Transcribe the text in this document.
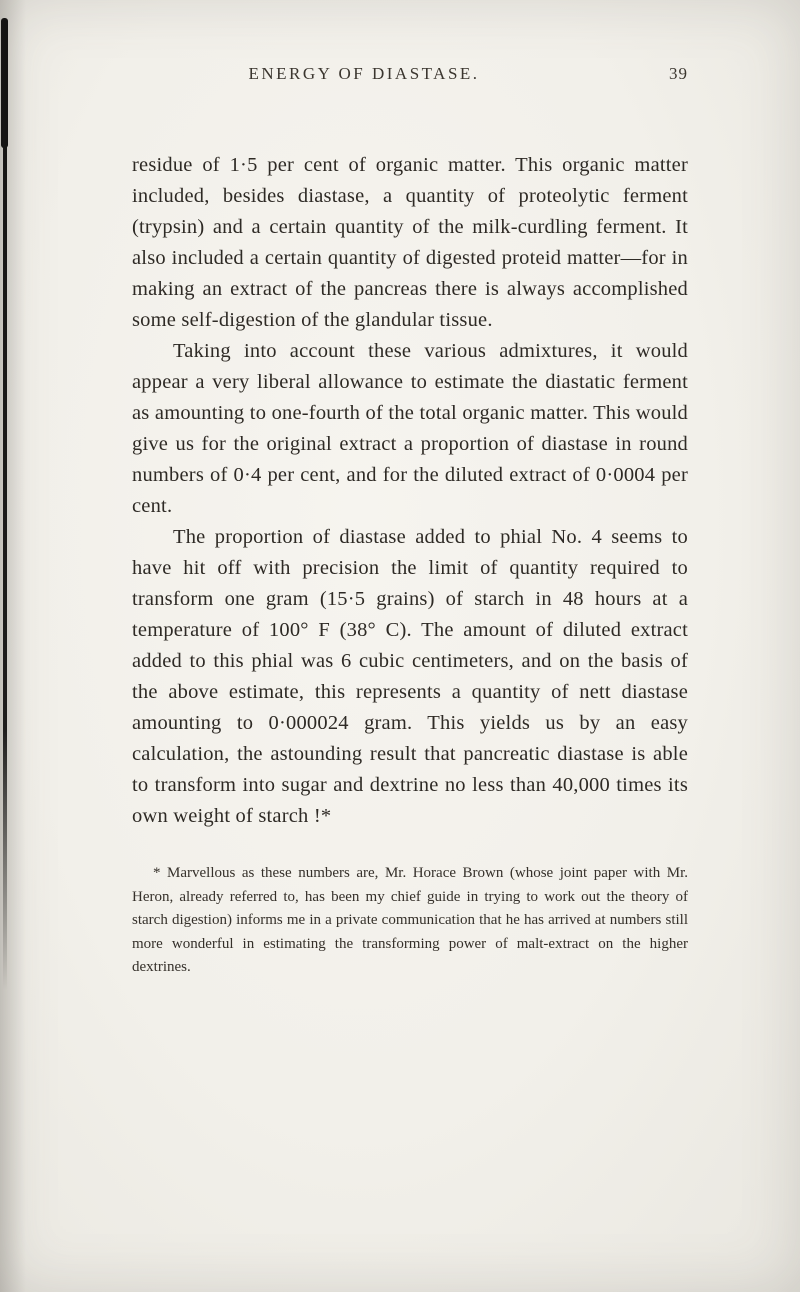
ENERGY OF DIASTASE.	39

residue of 1·5 per cent of organic matter. This organic matter included, besides diastase, a quantity of proteolytic ferment (trypsin) and a certain quantity of the milk-curdling ferment. It also included a certain quantity of digested proteid matter—for in making an extract of the pancreas there is always accomplished some self-digestion of the glandular tissue.

Taking into account these various admixtures, it would appear a very liberal allowance to estimate the diastatic ferment as amounting to one-fourth of the total organic matter. This would give us for the original extract a proportion of diastase in round numbers of 0·4 per cent, and for the diluted extract of 0·0004 per cent.

The proportion of diastase added to phial No. 4 seems to have hit off with precision the limit of quantity required to transform one gram (15·5 grains) of starch in 48 hours at a temperature of 100° F (38° C). The amount of diluted extract added to this phial was 6 cubic centimeters, and on the basis of the above estimate, this represents a quantity of nett diastase amounting to 0·000024 gram. This yields us by an easy calculation, the astounding result that pancreatic diastase is able to transform into sugar and dextrine no less than 40,000 times its own weight of starch !*

* Marvellous as these numbers are, Mr. Horace Brown (whose joint paper with Mr. Heron, already referred to, has been my chief guide in trying to work out the theory of starch digestion) informs me in a private communication that he has arrived at numbers still more wonderful in estimating the transforming power of malt-extract on the higher dextrines.
